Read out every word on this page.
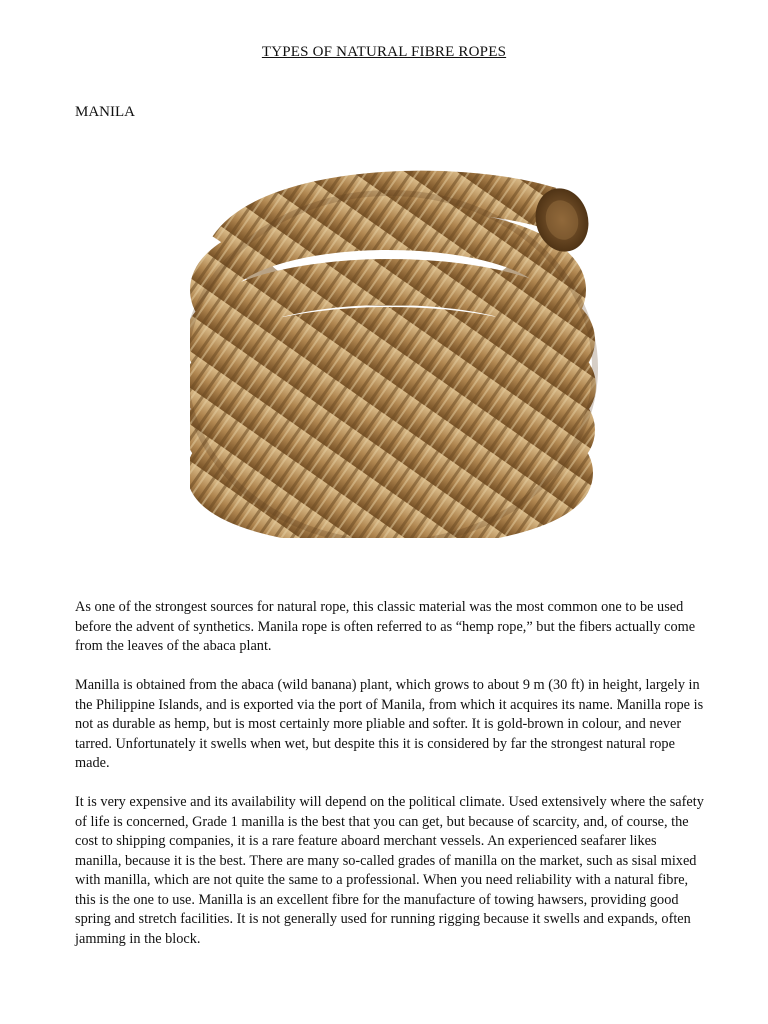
TYPES OF NATURAL FIBRE ROPES
MANILA

As one of the strongest sources for natural rope, this classic material was the most common one to be used before the advent of synthetics. Manila rope is often referred to as “hemp rope,” but the fibers actually come from the leaves of the abaca plant.

Manilla is obtained from the abaca (wild banana) plant, which grows to about 9 m (30 ft) in height, largely in the Philippine Islands, and is exported via the port of Manila, from which it acquires its name. Manilla rope is not as durable as hemp, but is most certainly more pliable and softer. It is gold-brown in colour, and never tarred. Unfortunately it swells when wet, but despite this it is considered by far the strongest natural rope made.

It is very expensive and its availability will depend on the political climate. Used extensively where the safety of life is concerned, Grade 1 manilla is the best that you can get, but because of scarcity, and, of course, the cost to shipping companies, it is a rare feature aboard merchant vessels. An experienced seafarer likes manilla, because it is the best. There are many so-called grades of manilla on the market, such as sisal mixed with manilla, which are not quite the same to a professional. When you need reliability with a natural fibre, this is the one to use. Manilla is an excellent fibre for the manufacture of towing hawsers, providing good spring and stretch facilities. It is not generally used for running rigging because it swells and expands, often jamming in the block.
